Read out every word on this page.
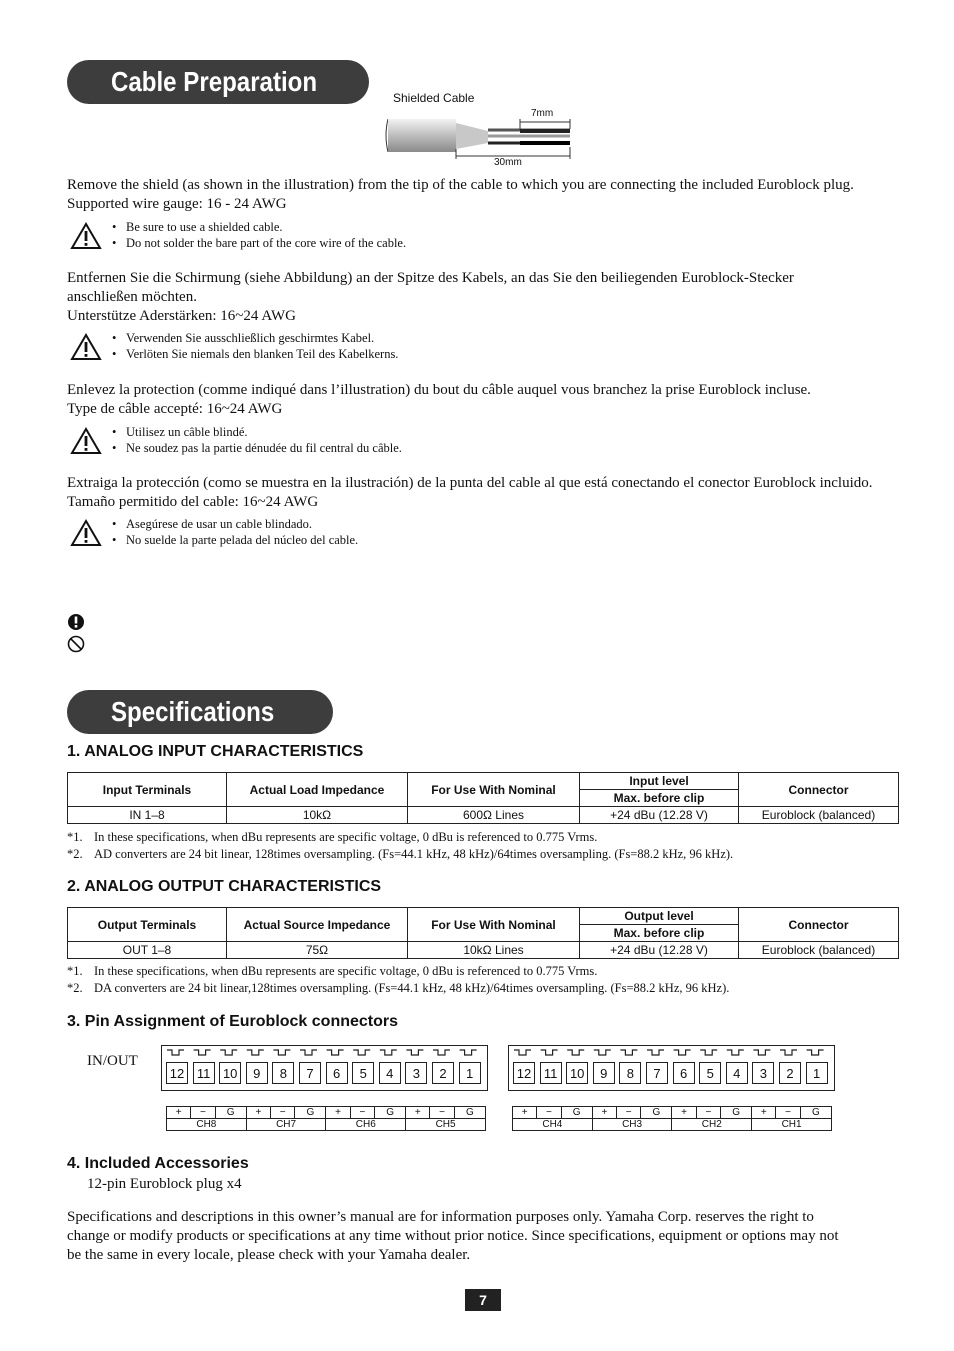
Cable Preparation
Shielded Cable
7mm
30mm
Remove the shield (as shown in the illustration) from the tip of the cable to which you are connecting the included Euroblock plug.
Supported wire gauge: 16 - 24 AWG
• Be sure to use a shielded cable.
• Do not solder the bare part of the core wire of the cable.
Entfernen Sie die Schirmung (siehe Abbildung) an der Spitze des Kabels, an das Sie den beiliegenden Euroblock-Stecker
anschließen möchten.
Unterstütze Aderstärken: 16~24 AWG
• Verwenden Sie ausschließlich geschirmtes Kabel.
• Verlöten Sie niemals den blanken Teil des Kabelkerns.
Enlevez la protection (comme indiqué dans l’illustration) du bout du câble auquel vous branchez la prise Euroblock incluse.
Type de câble accepté: 16~24 AWG
• Utilisez un câble blindé.
• Ne soudez pas la partie dénudée du fil central du câble.
Extraiga la protección (como se muestra en la ilustración) de la punta del cable al que está conectando el conector Euroblock incluido.
Tamaño permitido del cable: 16~24 AWG
• Asegúrese de usar un cable blindado.
• No suelde la parte pelada del núcleo del cable.
Specifications
1. ANALOG INPUT CHARACTERISTICS
Input Terminals	Actual Load Impedance	For Use With Nominal	Input level	Connector
			Max. before clip	
IN 1–8	10kΩ	600Ω Lines	+24 dBu (12.28 V)	Euroblock (balanced)
*1. In these specifications, when dBu represents are specific voltage, 0 dBu is referenced to 0.775 Vrms.
*2. AD converters are 24 bit linear, 128times oversampling. (Fs=44.1 kHz, 48 kHz)/64times oversampling. (Fs=88.2 kHz, 96 kHz).
2. ANALOG OUTPUT CHARACTERISTICS
Output Terminals	Actual Source Impedance	For Use With Nominal	Output level	Connector
			Max. before clip	
OUT 1–8	75Ω	10kΩ Lines	+24 dBu (12.28 V)	Euroblock (balanced)
*1. In these specifications, when dBu represents are specific voltage, 0 dBu is referenced to 0.775 Vrms.
*2. DA converters are 24 bit linear,128times oversampling. (Fs=44.1 kHz, 48 kHz)/64times oversampling. (Fs=88.2 kHz, 96 kHz).
3. Pin Assignment of Euroblock connectors
IN/OUT
12 11 10	9	8	7	6	5	4	3	2	1	12 11 10	9	8	7	6	5	4	3	2	1
+	−	G	+	−	G	+	−	G	+	−	G
CH8			CH7			CH6			CH5		
+	−	G	+	−	G	+	−	G	+	−	G
CH4			CH3			CH2			CH1		
4. Included Accessories
12-pin Euroblock plug x4
Specifications and descriptions in this owner’s manual are for information purposes only. Yamaha Corp. reserves the right to
change or modify products or specifications at any time without prior notice. Since specifications, equipment or options may not
be the same in every locale, please check with your Yamaha dealer.
7
